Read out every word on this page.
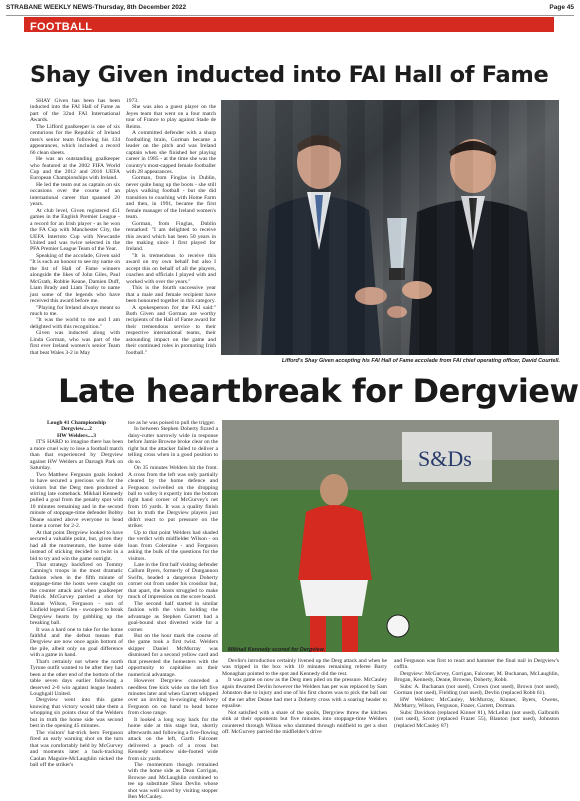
STRABANE WEEKLY NEWS-Thursday, 8th December 2022	Page 45
FOOTBALL
Shay Given inducted into FAI Hall of Fame

SHAY Given has been has been inducted into the FAI Hall of Fame as part of the 32nd FAI International Awards.

The Lifford goalkeeper is one of six centurions for the Republic of Ireland men's senior team following his 134 appearances, which included a record 66 clean sheets.

He was an outstanding goalkeeper who featured at the 2002 FIFA World Cup and the 2012 and 2016 UEFA European Championships with Ireland.

He led the team out as captain on six occasions over the course of an international career that spanned 20 years.

At club level, Given registered 451 games in the English Premier League - a record for an Irish player - as he won the FA Cup with Manchester City, the UEFA Intertoto Cup with Newcastle United and was twice selected in the PFA Premier League Team of the Year.

Speaking of the accolade, Given said "It is such an honour to see my name on the list of Hall of Fame winners alongside the likes of John Giles, Paul McGrath, Robbie Keane, Damien Duff, Liam Brady and Liam Tuohy to name just some of the legends who have received this award before me.

"Playing for Ireland always meant so much to me.

"It was the world to me and I am delighted with this recognition."

Given was inducted along with Linda Gorman, who was part of the first ever Ireland women's senior Team that beat Wales 3-2 in May

1973.

She was also a guest player on the Jeyes team that went on a four match tour of France to play against Stade de Reims.

A committed defender with a sharp footballing brain, Gorman became a leader on the pitch and was Ireland captain when she finished her playing career in 1985 - at the time she was the country's most-capped female footballer with 28 appearances.

Gorman, from Finglas in Dublin, never quite hung up the boots - she still plays walking football - but she did transition to coaching with Home Farm and then, in 1991, became the first female manager of the Ireland women's team.

Gorman, from Finglas, Dublin remarked: "I am delighted to receive this award which has been 50 years in the making since I first played for Ireland.

"It is tremendous to receive this award on my own behalf but also I accept this on behalf of all the players, coaches and officials I played with and worked with over the years."

This is the fourth successive year that a male and female recipient have been honoured together in this category.

A spokesperson for the FAI said:" Both Given and Gorman are worthy recipients of the Hall of Fame award for their tremendous service to their respective international teams, their astounding impact on the game and their continued roles in promoting Irish football."

Lifford's Shay Given accepting his FAI Hall of Fame accolade from FAI chief operating officer, David Courtell.
Late heartbreak for Dergview

Lough 41 Championship

Dergview....2

HW Welders....3

IT'S HARD to imagine there has been a more cruel way to lose a football match than that experienced by Dergview against HW Welders at Darragh Park on Saturday.

Two Matthew Ferguson goals looked to have secured a precious win for the visitors but the Derg men produced a stirring late comeback. Mikhail Kennedy pulled a goal from the penalty spot with 10 minutes remaining and in the second minute of stoppage-time defender Bobby Deane soared above everyone to head home a corner for 2-2.

At that point Dergview looked to have secured a valuable point, but, given they had all the momentum, the home side instead of sticking decided to twist in a bid to try and win the game outright.

That strategy backfired on Tommy Canning's troops in the most dramatic fashion when in the fifth minute of stoppage-time the hosts were caught on the counter attack and when goalkeeper Patrick McGurvey parried a shot by Ronan Wilson, Ferguson - son of Linfield legend Glen - swooped to break Dergview hearts by gobbling up the breaking ball.

It was a hard one to take for the home faithful and the defeat means that Dergview are now once again bottom of the pile, albeit only on goal difference with a game in hand.

That's certainly not where the north Tyrone outfit wanted to be after they had been at the other end of the bottom of the table seven days earlier following a deserved 2-0 win against league leaders Loughgall United.

Dergview went into this game knowing that victory would take them a whopping six points clear of the Welders but in truth the home side was second best in the opening 45 minutes.

The visitors' hat-trick hero Ferguson fired an early warning shot on the turn that was comfortably held by McGurvey and moments later a back-tracking Caolan Maguire-McLaughlin nicked the ball off the striker's

toe as he was poised to pull the trigger.

In between Stephen Doherty fizzed a daisy-cutter narrowly wide in response before Jamie Browne broke clear on the right but the attacker failed to deliver a telling cross when in a good position to do so.

On 35 minutes Welders hit the front. A cross from the left was only partially cleared by the home defence and Ferguson swivelled on the dropping ball to volley it expertly into the bottom right hand corner of McGurvey's net from 16 yards. It was a quality finish but in truth the Dergview players just didn't react to put pressure on the striker.

Up to that point Welders had shaded the verdict with midfielder Wilson - on loan from Coleraine - and Ferguson asking the bulk of the questions for the visitors.

Late in the first half visiting defender Callum Byers, formerly of Dungannon Swifts, headed a dangerous Doherty corner out from under his crossbar but, that apart, the hosts struggled to make much of impression on the score board.

The second half started in similar fashion with the visits holding the advantage as Stephen Garrett had a goal-bound shot diverted wide for a corner.

But on the hour mark the course of the game took a first twist. Welders skipper Daniel McMurray was dismissed for a second yellow card and that presented the homesters with the opportunity to capitalise on their numerical advantage.

However Dergview conceded a needless free kick wide on the left five minutes later and when Garrett whipped over an inviting in-swinging delivery Ferguson on on hand to head home from close range.

It looked a long way back for the home side at this stage but, shortly afterwards and following a five-flowing attack on the left, Garth Falconer delivered a peach of a cross but Kennedy somehow side-footed wide from six yards.

The momentum though remained with the home side as Dean Corrigan, Browne and McLaughlin combined to tee up substitute Shea Devlin whose shot was well saved by visiting stopper Ben McCauley.

S&Ds
Mikhail Kennedy scored for Dergview.

Devlin's introduction certainly livened up the Derg attack and when he was tripped in the box with 10 minutes remaining referee Barry Monaghan pointed to the spot and Kennedy did the rest.

It was game on now as the Derg men piled on the pressure. McCauley again thwarted Devlin however the Welders has per was replaced by Sam Johnston due to injury and one of his first chores was to pick the ball out of the net after Deane had met a Doherty cross with a soaring header to equalise.

Not satisfied with a share of the spoils, Dergview threw the kitchen sink at their opponents but five minutes into stoppage-time Welders countered through Wilson who slammed through midfield to get a shot off. McGurvey parried the midfielder's drive

and Ferguson was first to react and hammer the final nail in Dergview's coffin.

Dergview: McGurvey, Corrigan, Falconer, M. Buchanan, McLaughlin, Brogan, Kennedy, Deane, Browne, Doherty, Robb.

Subs: A. Buchanan (not used), Crown (not used), Brown (not used), Gorman (not used), Fielding (not used), Devlin (replaced Robb 61).

HW Welders: McCauley, McMurray, Kinner, Byers, Owens, McMurry, Wilson, Ferguson, Frazer, Garrett, Dorman.

Subs: Davidson (replaced Kinner 81), McLellan (not used), Galbraith (not used), Scott (replaced Frazer 55), Blanton (not used), Johnston (replaced McCauley 87)
